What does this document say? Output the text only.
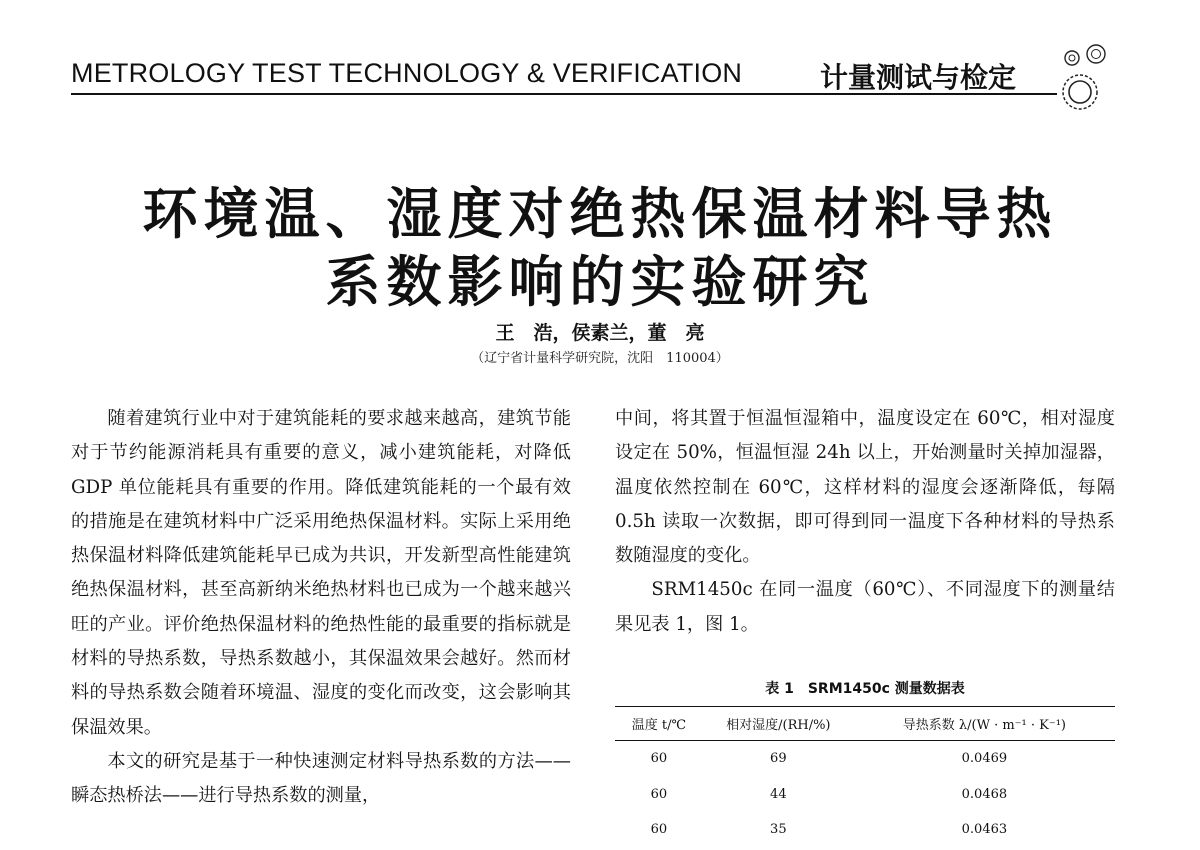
METROLOGY TEST TECHNOLOGY & VERIFICATION	计量测试与检定
环境温、湿度对绝热保温材料导热
系数影响的实验研究
王　浩，侯素兰，董　亮
（辽宁省计量科学研究院，沈阳　110004）

随着建筑行业中对于建筑能耗的要求越来越高，建筑节能对于节约能源消耗具有重要的意义，减小建筑能耗，对降低 GDP 单位能耗具有重要的作用。降低建筑能耗的一个最有效的措施是在建筑材料中广泛采用绝热保温材料。实际上采用绝热保温材料降低建筑能耗早已成为共识，开发新型高性能建筑绝热保温材料，甚至高新纳米绝热材料也已成为一个越来越兴旺的产业。评价绝热保温材料的绝热性能的最重要的指标就是材料的导热系数，导热系数越小，其保温效果会越好。然而材料的导热系数会随着环境温、湿度的变化而改变，这会影响其保温效果。

本文的研究是基于一种快速测定材料导热系数的方法——瞬态热桥法——进行导热系数的测量，

中间，将其置于恒温恒湿箱中，温度设定在 60℃，相对湿度设定在 50%，恒温恒湿 24h 以上，开始测量时关掉加湿器，温度依然控制在 60℃，这样材料的湿度会逐渐降低，每隔 0.5h 读取一次数据，即可得到同一温度下各种材料的导热系数随湿度的变化。

SRM1450c 在同一温度（60℃）、不同湿度下的测量结果见表 1，图 1。

表 1　SRM1450c 测量数据表
温度 t/℃	相对湿度/(RH/%)	导热系数 λ/(W · m⁻¹ · K⁻¹)
60	69	0.0469
60	44	0.0468
60	35	0.0463
